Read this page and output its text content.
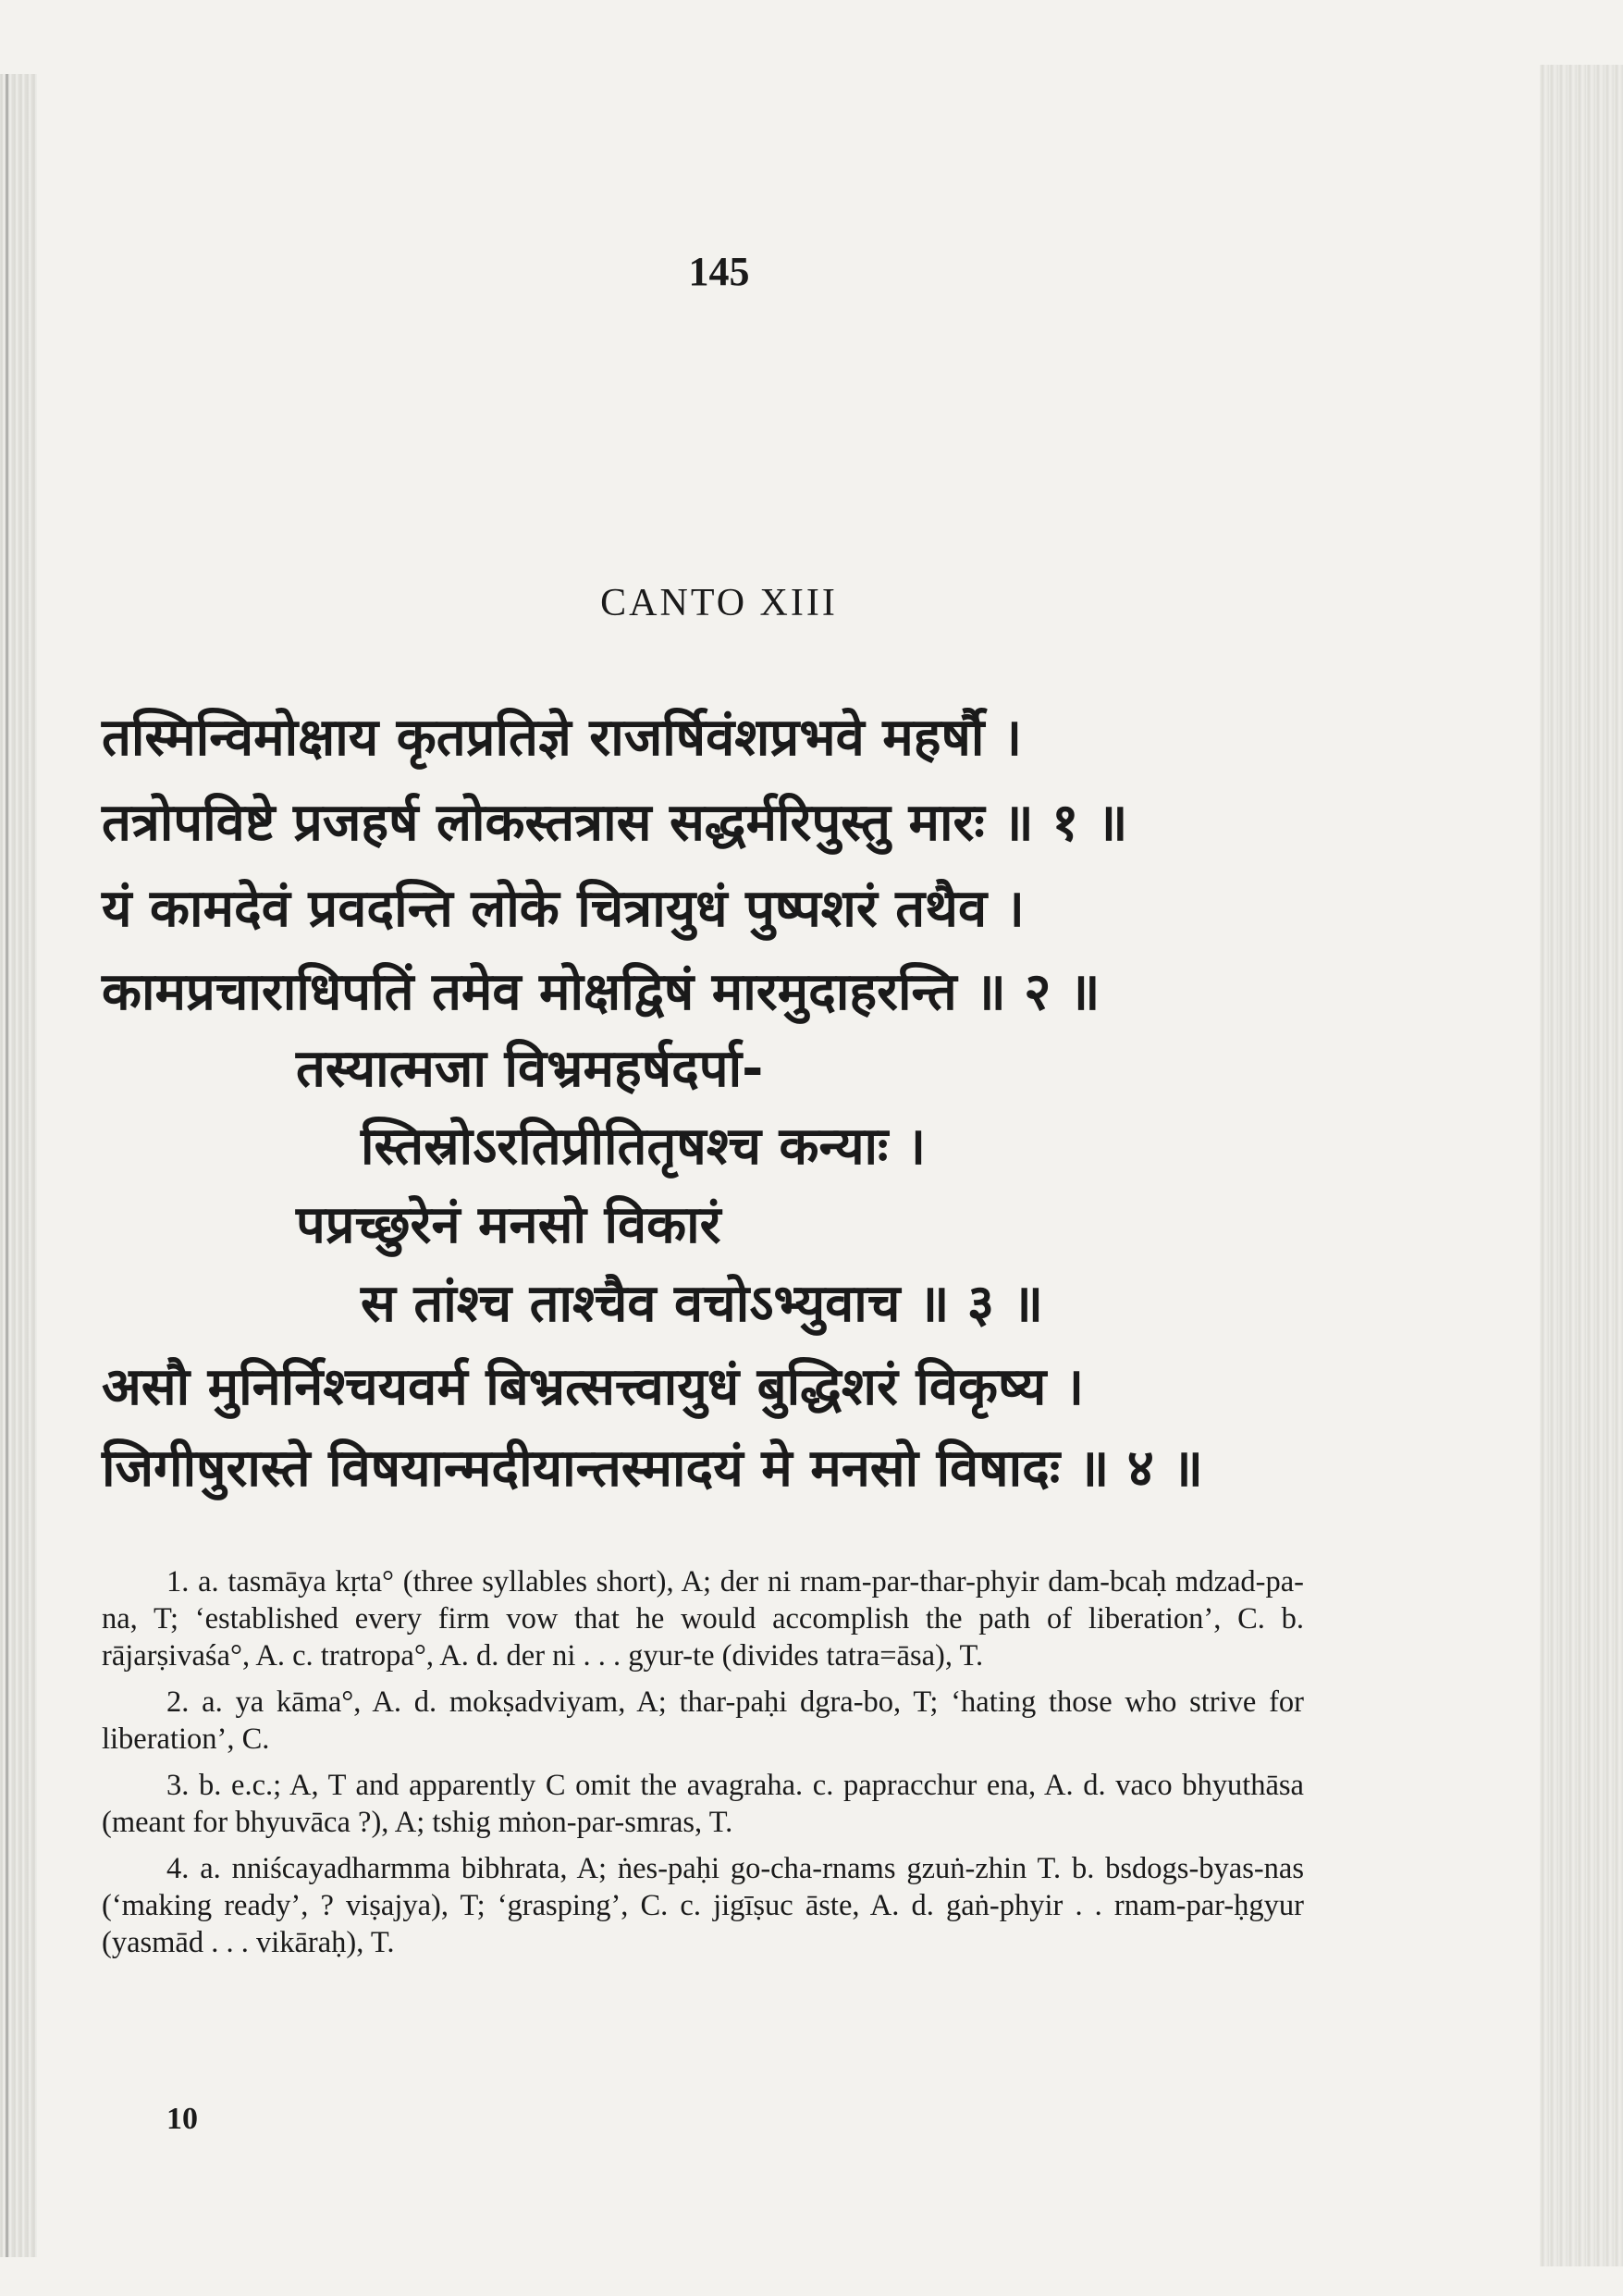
145
CANTO XIII
तस्मिन्विमोक्षाय कृतप्रतिज्ञे राजर्षिवंशप्रभवे महर्षौ ।
तत्रोपविष्टे प्रजहर्ष लोकस्तत्रास सद्धर्मरिपुस्तु मारः ॥ १ ॥
यं कामदेवं प्रवदन्ति लोके चित्रायुधं पुष्पशरं तथैव ।
कामप्रचाराधिपतिं तमेव मोक्षद्विषं मारमुदाहरन्ति ॥ २ ॥
तस्यात्मजा विभ्रमहर्षदर्पा-
स्तिस्रोऽरतिप्रीतितृषश्च कन्याः ।
पप्रच्छुरेनं मनसो विकारं
स तांश्च ताश्चैव वचोऽभ्युवाच ॥ ३ ॥
असौ मुनिर्निश्चयवर्म बिभ्रत्सत्त्वायुधं बुद्धिशरं विकृष्य ।
जिगीषुरास्ते विषयान्मदीयान्तस्मादयं मे मनसो विषादः ॥ ४ ॥

1. a. tasmāya kṛta° (three syllables short), A; der ni rnam-par-thar-phyir dam-bcaḥ mdzad-pa-na, T; ‘established every firm vow that he would accomplish the path of liberation’, C. b. rājarṣivaśa°, A. c. tratropa°, A. d. der ni . . . gyur-te (divides tatra=āsa), T.

2. a. ya kāma°, A. d. mokṣadviyam, A; thar-paḥi dgra-bo, T; ‘hating those who strive for liberation’, C.

3. b. e.c.; A, T and apparently C omit the avagraha. c. papracchur ena, A. d. vaco bhyuthāsa (meant for bhyuvāca ?), A; tshig mṅon-par-smras, T.

4. a. nniścayadharmma bibhrata, A; ṅes-paḥi go-cha-rnams gzuṅ-zhin T. b. bsdogs-byas-nas (‘making ready’, ? viṣajya), T; ‘grasping’, C. c. jigīṣuc āste, A. d. gaṅ-phyir . . rnam-par-ḥgyur (yasmād . . . vikāraḥ), T.

10
